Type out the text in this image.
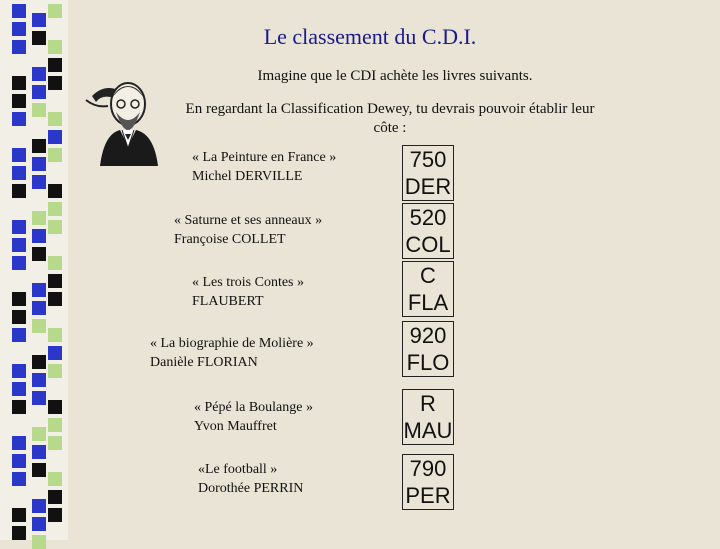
Le classement du C.D.I.
Imagine que le CDI achète les livres suivants.
En regardant la Classification Dewey, tu devrais pouvoir établir leur côte :
« La Peinture en France »
Michel DERVILLE
750
DER
« Saturne et ses anneaux »
Françoise COLLET
520
COL
« Les trois Contes »
FLAUBERT
C
FLA
« La biographie de Molière »
Danièle FLORIAN
920
FLO
« Pépé la Boulange »
Yvon Mauffret
R
MAU
«Le football »
Dorothée PERRIN
790
PER
